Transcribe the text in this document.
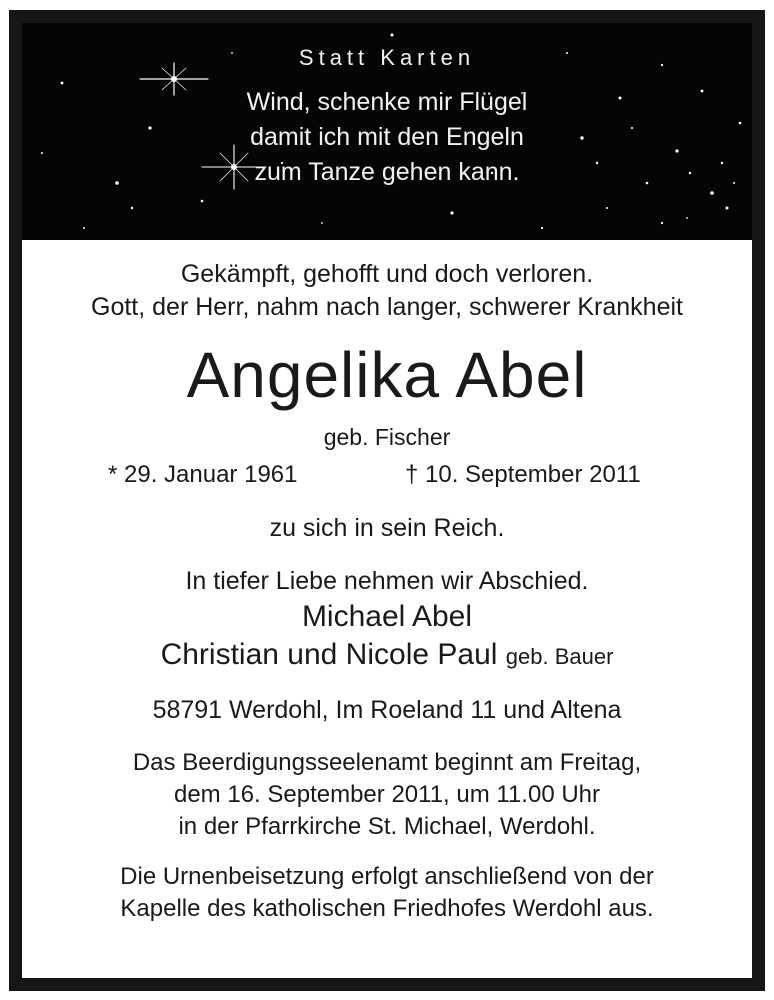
Statt Karten
Wind, schenke mir Flügel
damit ich mit den Engeln
zum Tanze gehen kann.
Gekämpft, gehofft und doch verloren.
Gott, der Herr, nahm nach langer, schwerer Krankheit
Angelika Abel
geb. Fischer
* 29. Januar 1961	† 10. September 2011
zu sich in sein Reich.
In tiefer Liebe nehmen wir Abschied.
Michael Abel
Christian und Nicole Paul geb. Bauer
58791 Werdohl, Im Roeland 11 und Altena
Das Beerdigungsseelenamt beginnt am Freitag,
dem 16. September 2011, um 11.00 Uhr
in der Pfarrkirche St. Michael, Werdohl.
Die Urnenbeisetzung erfolgt anschließend von der
Kapelle des katholischen Friedhofes Werdohl aus.
